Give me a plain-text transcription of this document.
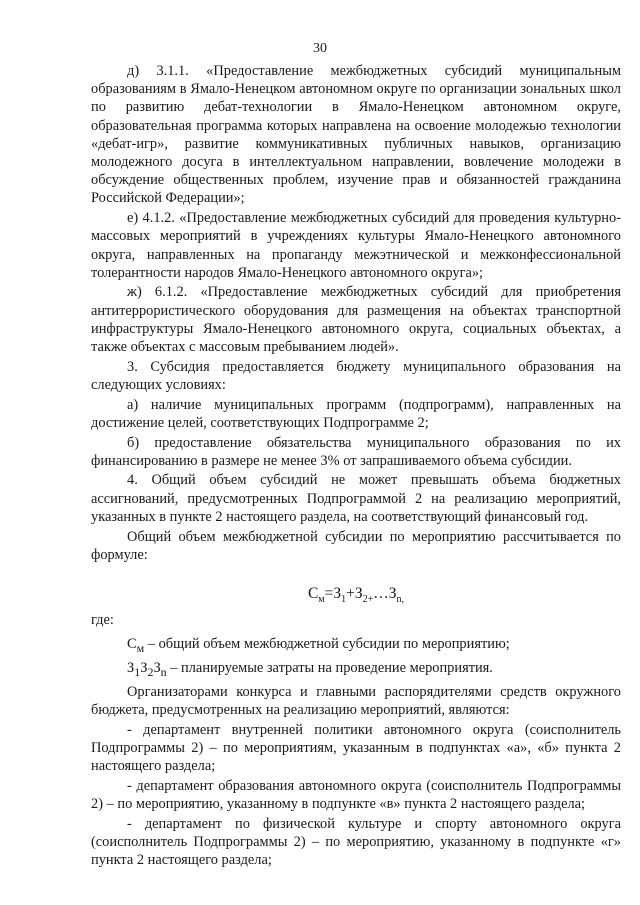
30

д) 3.1.1. «Предоставление межбюджетных субсидий муниципальным образованиям в Ямало-Ненецком автономном округе по организации зональных школ по развитию дебат-технологии в Ямало-Ненецком автономном округе, образовательная программа которых направлена на освоение молодежью технологии «дебат-игр», развитие коммуникативных публичных навыков, организацию молодежного досуга в интеллектуальном направлении, вовлечение молодежи в обсуждение общественных проблем, изучение прав и обязанностей гражданина Российской Федерации»;

е) 4.1.2. «Предоставление межбюджетных субсидий для проведения культурно-массовых мероприятий в учреждениях культуры Ямало-Ненецкого автономного округа, направленных на пропаганду межэтнической и межконфессиональной толерантности народов Ямало-Ненецкого автономного округа»;

ж) 6.1.2. «Предоставление межбюджетных субсидий для приобретения антитеррористического оборудования для размещения на объектах транспортной инфраструктуры Ямало-Ненецкого автономного округа, социальных объектах, а также объектах с массовым пребыванием людей».

3. Субсидия предоставляется бюджету муниципального образования на следующих условиях:

а) наличие муниципальных программ (подпрограмм), направленных на достижение целей, соответствующих Подпрограмме 2;

б) предоставление обязательства муниципального образования по их финансированию в размере не менее 3% от запрашиваемого объема субсидии.

4. Общий объем субсидий не может превышать объема бюджетных ассигнований, предусмотренных Подпрограммой 2 на реализацию мероприятий, указанных в пункте 2 настоящего раздела, на соответствующий финансовый год.

Общий объем межбюджетной субсидии по мероприятию рассчитывается по формуле:

$С_м=З_1+З_{2+}\dots З_{n,}$

где:

$С_м$ – общий объем межбюджетной субсидии по мероприятию;

$З_1З_2З_n$ – планируемые затраты на проведение мероприятия.

Организаторами конкурса и главными распорядителями средств окружного бюджета, предусмотренных на реализацию мероприятий, являются:

- департамент внутренней политики автономного округа (соисполнитель Подпрограммы 2) – по мероприятиям, указанным в подпунктах «а», «б» пункта 2 настоящего раздела;

- департамент образования автономного округа (соисполнитель Подпрограммы 2) – по мероприятию, указанному в подпункте «в» пункта 2 настоящего раздела;

- департамент по физической культуре и спорту автономного округа (соисполнитель Подпрограммы 2) – по мероприятию, указанному в подпункте «г» пункта 2 настоящего раздела;
